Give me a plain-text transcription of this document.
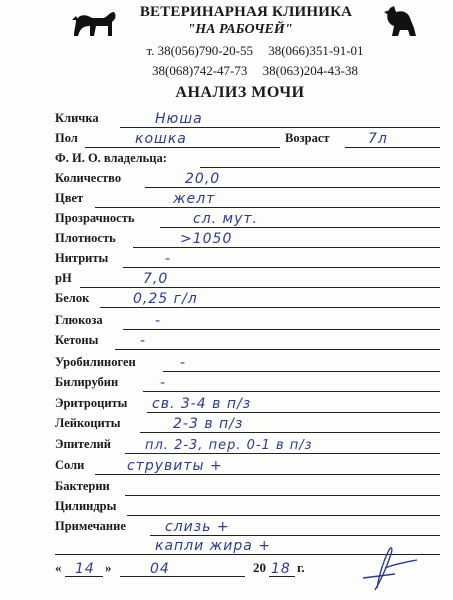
ВЕТЕРИНАРНАЯ КЛИНИКА
"НА РАБОЧЕЙ"
т. 38(056)790-20-55 38(066)351-91-01
38(068)742-47-73 38(063)204-43-38
АНАЛИЗ МОЧИ
Кличка	Нюша
Пол	кошка	Возраст	7л
Ф. И. О. владельца:
Количество	20,0
Цвет	желт
Прозрачность	сл. мут.
Плотность	>1050
Нитриты	-
pH	7,0
Белок	0,25 г/л
Глюкоза	-
Кетоны	-
Уробилиноген	-
Билирубин	-
Эритроциты св. 3-4 в п/з
Лейкоциты	2-3 в п/з
Эпителий	пл. 2-3, пер. 0-1 в п/з
Соли	струвиты +
Бактерии
Цилиндры
Примечание	слизь +
капли жира +
« 14 »	04	20 18 г.
